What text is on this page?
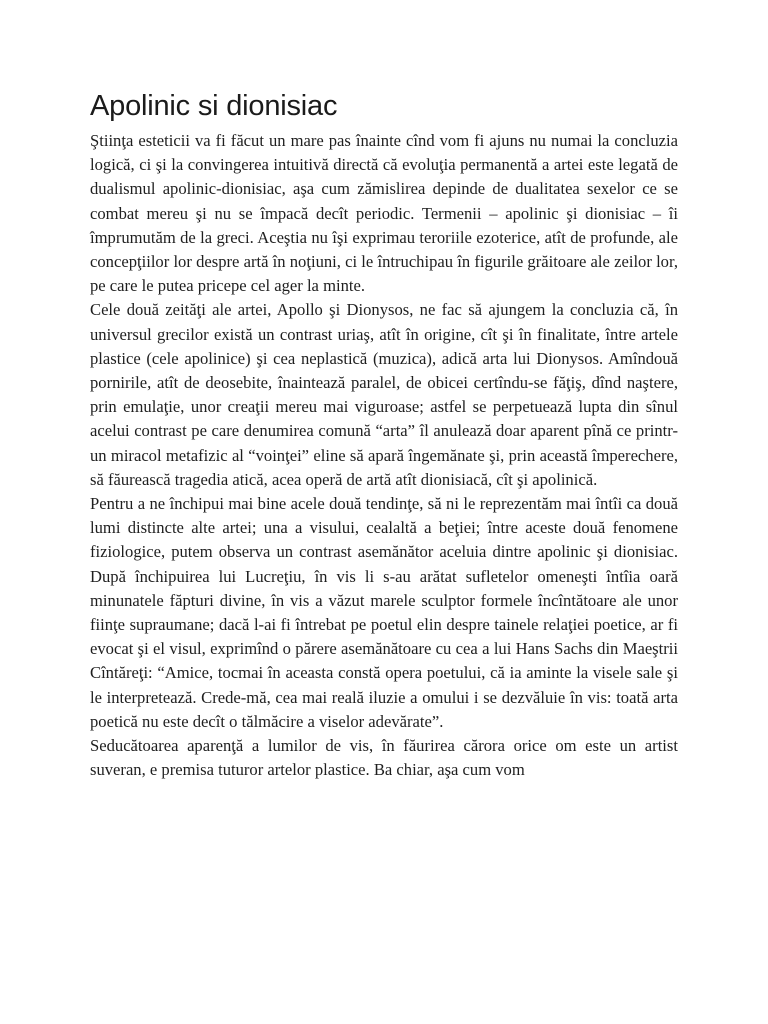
Apolinic si dionisiac

Ştiinţa esteticii va fi făcut un mare pas înainte cînd vom fi ajuns nu numai la concluzia logică, ci şi la convingerea intuitivă directă că evoluţia permanentă a artei este legată de dualismul apolinic-dionisiac, aşa cum zămislirea depinde de dualitatea sexelor ce se combat mereu şi nu se împacă decît periodic. Termenii – apolinic şi dionisiac – îi împrumutăm de la greci. Aceştia nu îşi exprimau teroriile ezoterice, atît de profunde, ale concepţiilor lor despre artă în noţiuni, ci le întruchipau în figurile grăitoare ale zeilor lor, pe care le putea pricepe cel ager la minte.

Cele două zeităţi ale artei, Apollo şi Dionysos, ne fac să ajungem la concluzia că, în universul grecilor există un contrast uriaş, atît în origine, cît şi în finalitate, între artele plastice (cele apolinice) şi cea neplastică (muzica), adică arta lui Dionysos. Amîndouă pornirile, atît de deosebite, înaintează paralel, de obicei certîndu-se făţiş, dînd naştere, prin emulaţie, unor creaţii mereu mai viguroase; astfel se perpetuează lupta din sînul acelui contrast pe care denumirea comună “arta” îl anulează doar aparent pînă ce printr-un miracol metafizic al “voinţei” eline să apară îngemănate şi, prin această împerechere, să făurească tragedia atică, acea operă de artă atît dionisiacă, cît şi apolinică.

Pentru a ne închipui mai bine acele două tendinţe, să ni le reprezentăm mai întîi ca două lumi distincte alte artei; una a visului, cealaltă a beţiei; între aceste două fenomene fiziologice, putem observa un contrast asemănător aceluia dintre apolinic şi dionisiac. După închipuirea lui Lucreţiu, în vis li s-au arătat sufletelor omeneşti întîia oară minunatele făpturi divine, în vis a văzut marele sculptor formele încîntătoare ale unor fiinţe supraumane; dacă l-ai fi întrebat pe poetul elin despre tainele relaţiei poetice, ar fi evocat şi el visul, exprimînd o părere asemănătoare cu cea a lui Hans Sachs din Maeştrii Cîntăreţi: “Amice, tocmai în aceasta constă opera poetului, că ia aminte la visele sale şi le interpretează. Crede-mă, cea mai reală iluzie a omului i se dezvăluie în vis: toată arta poetică nu este decît o tălmăcire a viselor adevărate”.

Seducătoarea aparenţă a lumilor de vis, în făurirea cărora orice om este un artist suveran, e premisa tuturor artelor plastice. Ba chiar, aşa cum vom
